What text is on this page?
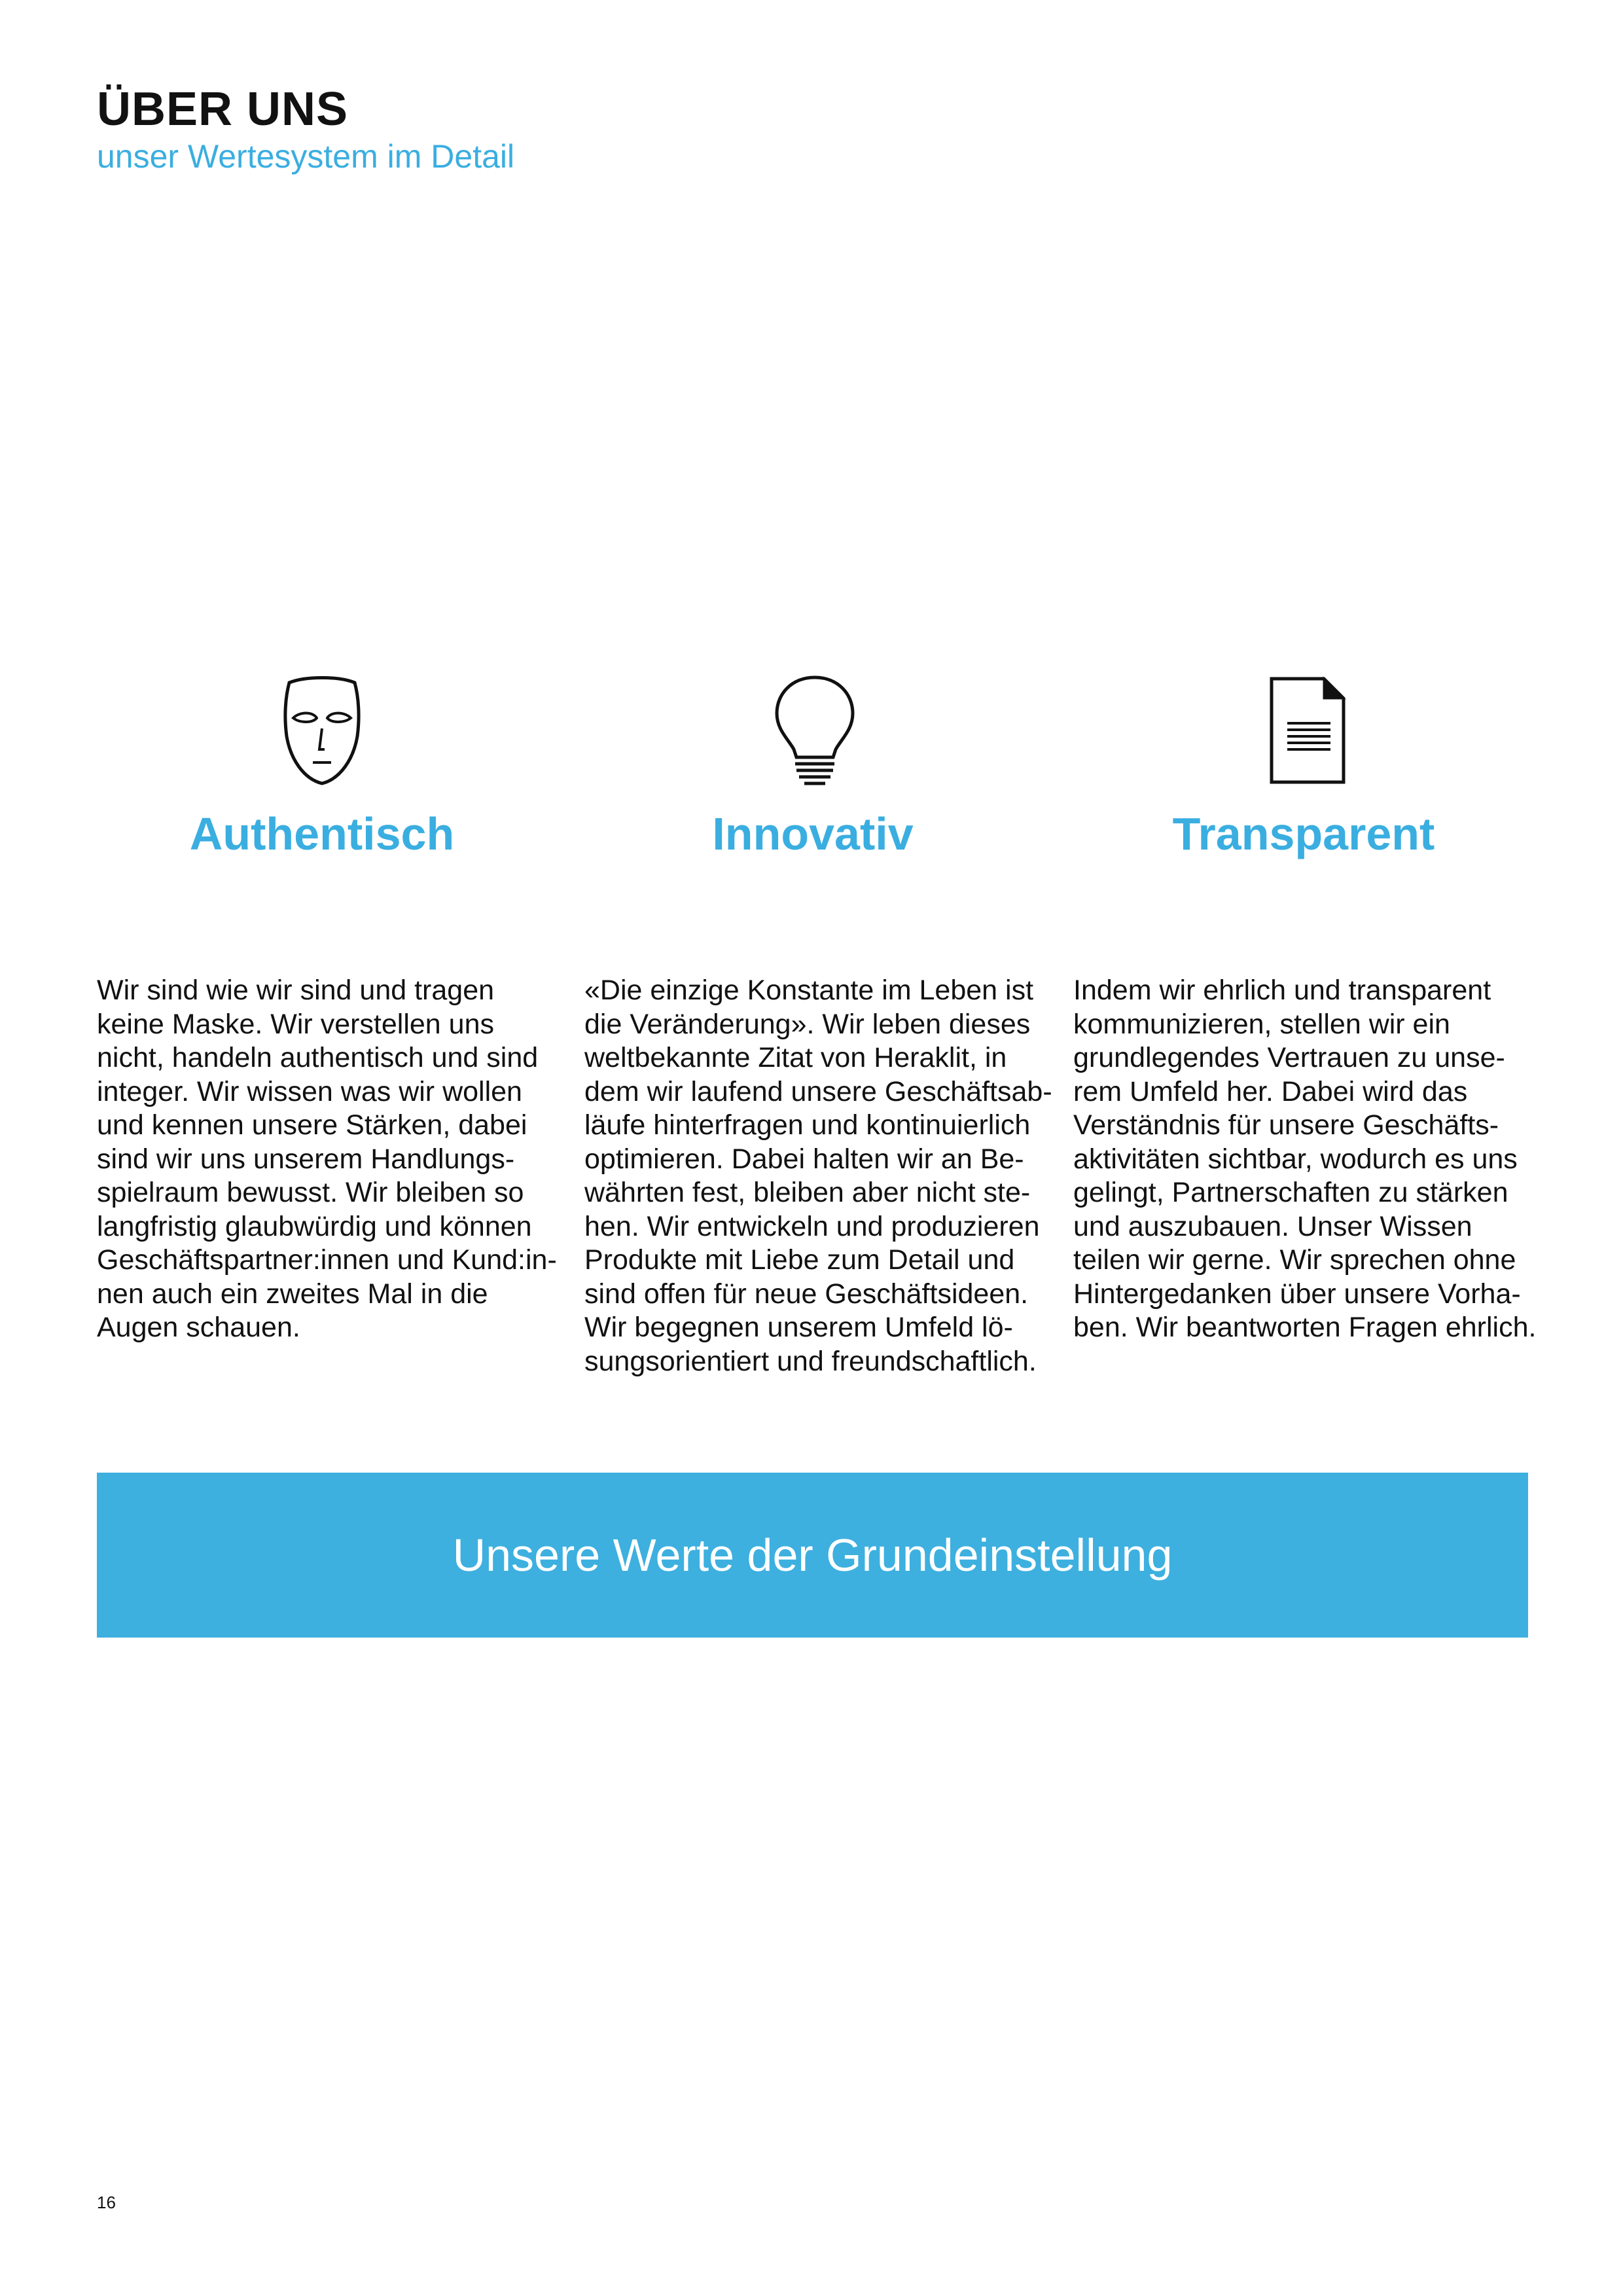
ÜBER UNS

unser Wertesystem im Detail

Authentisch	Innovativ	Transparent
Wir sind wie wir sind und tragen
keine Maske. Wir verstellen uns
nicht, handeln authentisch und sind
integer. Wir wissen was wir wollen
und kennen unsere Stärken, dabei
sind wir uns unserem Handlungs-
spielraum bewusst. Wir bleiben so
langfristig glaubwürdig und können
Geschäftspartner:innen und Kund:in-
nen auch ein zweites Mal in die
Augen schauen.
«Die einzige Konstante im Leben ist
die Veränderung». Wir leben dieses
weltbekannte Zitat von Heraklit, in
dem wir laufend unsere Geschäftsab-
läufe hinterfragen und kontinuierlich
optimieren. Dabei halten wir an Be-
währten fest, bleiben aber nicht ste-
hen. Wir entwickeln und produzieren
Produkte mit Liebe zum Detail und
sind offen für neue Geschäftsideen.
Wir begegnen unserem Umfeld lö-
sungsorientiert und freundschaftlich.
Indem wir ehrlich und transparent
kommunizieren, stellen wir ein
grundlegendes Vertrauen zu unse-
rem Umfeld her. Dabei wird das
Verständnis für unsere Geschäfts-
aktivitäten sichtbar, wodurch es uns
gelingt, Partnerschaften zu stärken
und auszubauen. Unser Wissen
teilen wir gerne. Wir sprechen ohne
Hintergedanken über unsere Vorha-
ben. Wir beantworten Fragen ehrlich.
Unsere Werte der Grundeinstellung
16
